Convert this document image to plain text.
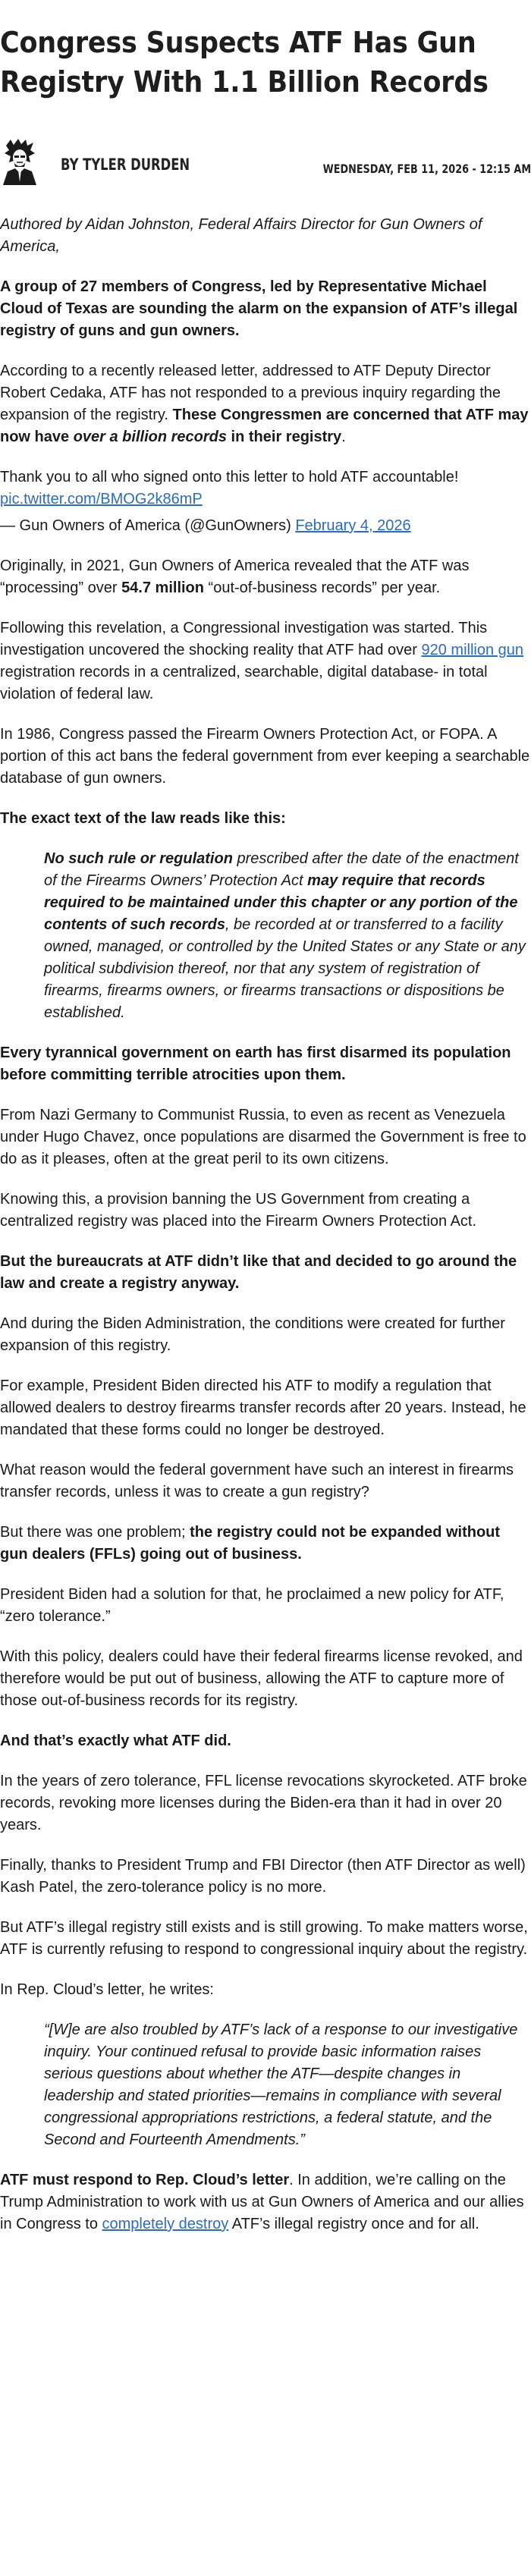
Congress Suspects ATF Has Gun Registry With 1.1 Billion Records
BY TYLER DURDEN	WEDNESDAY, FEB 11, 2026 - 12:15 AM

Authored by Aidan Johnston, Federal Affairs Director for Gun Owners of America,

A group of 27 members of Congress, led by Representative Michael Cloud of Texas are sounding the alarm on the expansion of ATF’s illegal registry of guns and gun owners.

According to a recently released letter, addressed to ATF Deputy Director Robert Cedaka, ATF has not responded to a previous inquiry regarding the expansion of the registry. These Congressmen are concerned that ATF may now have over a billion records in their registry.

Thank you to all who signed onto this letter to hold ATF accountable!
pic.twitter.com/BMOG2k86mP

— Gun Owners of America (@GunOwners) February 4, 2026

Originally, in 2021, Gun Owners of America revealed that the ATF was “processing” over 54.7 million “out-of-business records” per year.

Following this revelation, a Congressional investigation was started. This investigation uncovered the shocking reality that ATF had over 920 million gun registration records in a centralized, searchable, digital database- in total violation of federal law.

In 1986, Congress passed the Firearm Owners Protection Act, or FOPA. A portion of this act bans the federal government from ever keeping a searchable database of gun owners.

The exact text of the law reads like this:

No such rule or regulation prescribed after the date of the enactment of the Firearms Owners’ Protection Act may require that records required to be maintained under this chapter or any portion of the contents of such records, be recorded at or transferred to a facility owned, managed, or controlled by the United States or any State or any political subdivision thereof, nor that any system of registration of firearms, firearms owners, or firearms transactions or dispositions be established.

Every tyrannical government on earth has first disarmed its population before committing terrible atrocities upon them.

From Nazi Germany to Communist Russia, to even as recent as Venezuela under Hugo Chavez, once populations are disarmed the Government is free to do as it pleases, often at the great peril to its own citizens.

Knowing this, a provision banning the US Government from creating a centralized registry was placed into the Firearm Owners Protection Act.

But the bureaucrats at ATF didn’t like that and decided to go around the law and create a registry anyway.

And during the Biden Administration, the conditions were created for further expansion of this registry.

For example, President Biden directed his ATF to modify a regulation that allowed dealers to destroy firearms transfer records after 20 years. Instead, he mandated that these forms could no longer be destroyed.

What reason would the federal government have such an interest in firearms transfer records, unless it was to create a gun registry?

But there was one problem; the registry could not be expanded without gun dealers (FFLs) going out of business.

President Biden had a solution for that, he proclaimed a new policy for ATF, “zero tolerance.”

With this policy, dealers could have their federal firearms license revoked, and therefore would be put out of business, allowing the ATF to capture more of those out-of-business records for its registry.

And that’s exactly what ATF did.

In the years of zero tolerance, FFL license revocations skyrocketed. ATF broke records, revoking more licenses during the Biden-era than it had in over 20 years.

Finally, thanks to President Trump and FBI Director (then ATF Director as well) Kash Patel, the zero-tolerance policy is no more.

But ATF’s illegal registry still exists and is still growing. To make matters worse, ATF is currently refusing to respond to congressional inquiry about the registry.

In Rep. Cloud’s letter, he writes:

“[W]e are also troubled by ATF’s lack of a response to our investigative inquiry. Your continued refusal to provide basic information raises serious questions about whether the ATF—despite changes in leadership and stated priorities—remains in compliance with several congressional appropriations restrictions, a federal statute, and the Second and Fourteenth Amendments.”

ATF must respond to Rep. Cloud’s letter. In addition, we’re calling on the Trump Administration to work with us at Gun Owners of America and our allies in Congress to completely destroy ATF’s illegal registry once and for all.
